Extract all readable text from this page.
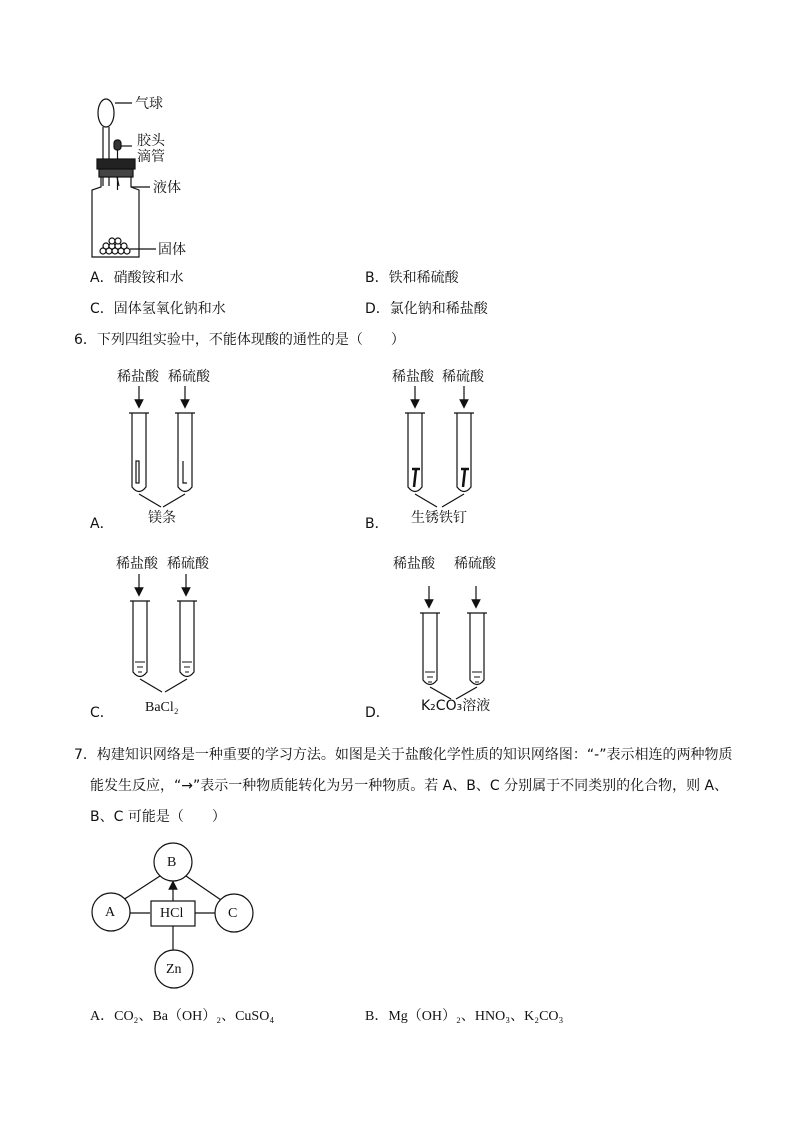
气球
胶头
滴管
液体
固体
A．硝酸铵和水	B．铁和稀硫酸
C．固体氢氧化钠和水	D．氯化钠和稀盐酸
6．下列四组实验中，不能体现酸的通性的是（　　）
稀盐酸 稀硫酸
A． 镁条
稀盐酸 稀硫酸
B． 生锈铁钉
稀盐酸 稀硫酸
C． BaCl₂
稀盐酸 稀硫酸
D． K₂CO₃溶液
7．构建知识网络是一种重要的学习方法。如图是关于盐酸化学性质的知识网络图：“-”表示相连的两种物质
能发生反应，“→”表示一种物质能转化为另一种物质。若 A、B、C 分别属于不同类别的化合物，则 A、
B、C 可能是（　　）
B
A	C
HCl
Zn
A．CO₂、Ba（OH）₂、CuSO₄	B．Mg（OH）₂、HNO₃、K₂CO₃
